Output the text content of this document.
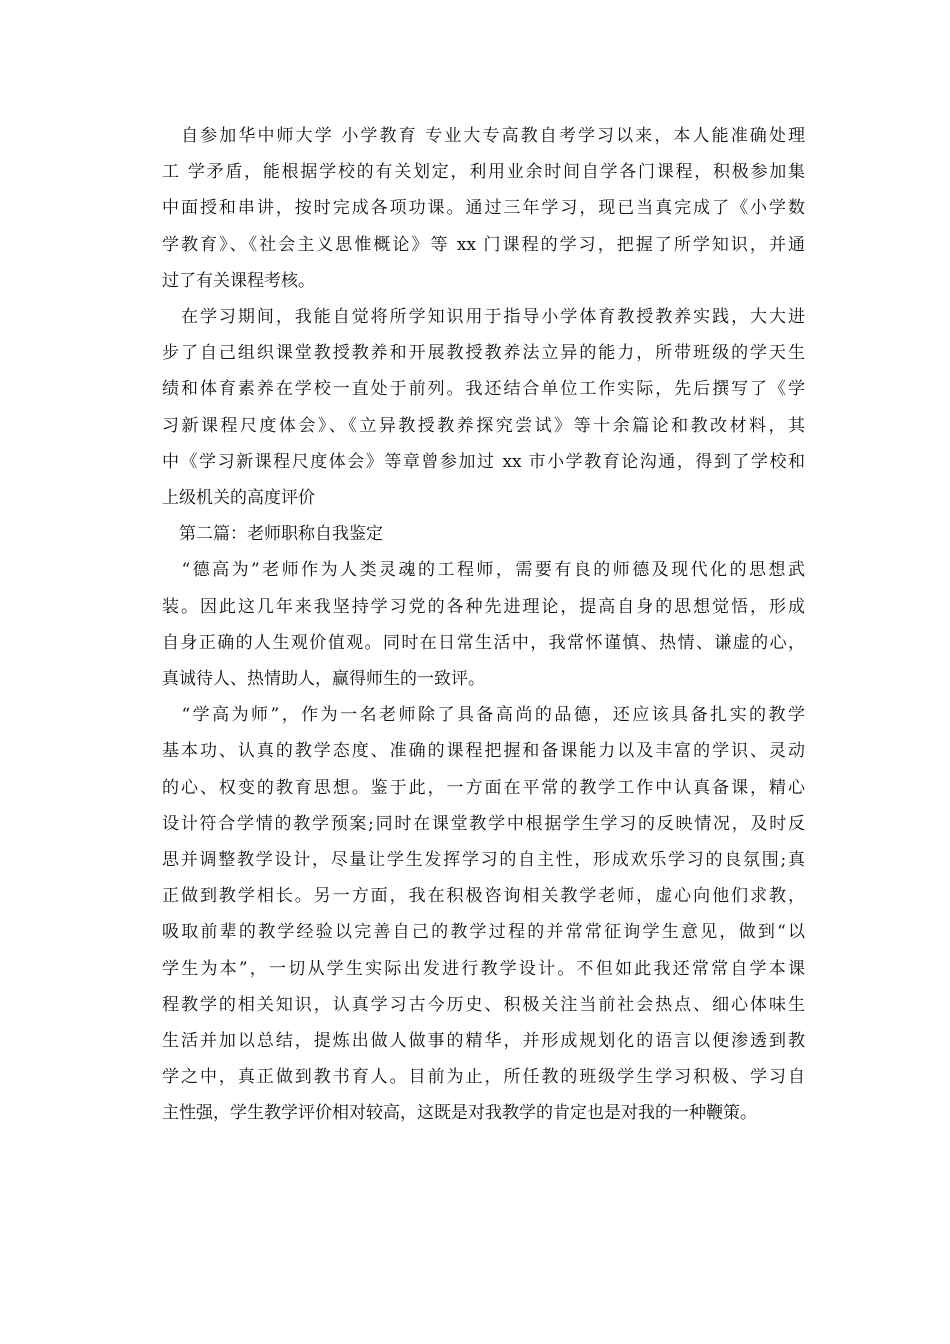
　自参加华中师大学 小学教育 专业大专高教自考学习以来，本人能准确处理
工 学矛盾，能根据学校的有关划定，利用业余时间自学各门课程，积极参加集
中面授和串讲，按时完成各项功课。通过三年学习，现已当真完成了《小学数
学教育》、《社会主义思惟概论》等 xx 门课程的学习，把握了所学知识，并通
过了有关课程考核。
　在学习期间，我能自觉将所学知识用于指导小学体育教授教养实践，大大进
步了自己组织课堂教授教养和开展教授教养法立异的能力，所带班级的学天生
绩和体育素养在学校一直处于前列。我还结合单位工作实际，先后撰写了《学
习新课程尺度体会》、《立异教授教养探究尝试》等十余篇论和教改材料，其
中《学习新课程尺度体会》等章曾参加过 xx 市小学教育论沟通，得到了学校和
上级机关的高度评价
　第二篇：老师职称自我鉴定
　“德高为”老师作为人类灵魂的工程师，需要有良的师德及现代化的思想武
装。因此这几年来我坚持学习党的各种先进理论，提高自身的思想觉悟，形成
自身正确的人生观价值观。同时在日常生活中，我常怀谨慎、热情、谦虚的心，
真诚待人、热情助人，赢得师生的一致评。
　“学高为师”，作为一名老师除了具备高尚的品德，还应该具备扎实的教学
基本功、认真的教学态度、准确的课程把握和备课能力以及丰富的学识、灵动
的心、权变的教育思想。鉴于此，一方面在平常的教学工作中认真备课，精心
设计符合学情的教学预案;同时在课堂教学中根据学生学习的反映情况，及时反
思并调整教学设计，尽量让学生发挥学习的自主性，形成欢乐学习的良氛围;真
正做到教学相长。另一方面，我在积极咨询相关教学老师，虚心向他们求教，
吸取前辈的教学经验以完善自己的教学过程的并常常征询学生意见，做到“以
学生为本”，一切从学生实际出发进行教学设计。不但如此我还常常自学本课
程教学的相关知识，认真学习古今历史、积极关注当前社会热点、细心体味生
生活并加以总结，提炼出做人做事的精华，并形成规划化的语言以便渗透到教
学之中，真正做到教书育人。目前为止，所任教的班级学生学习积极、学习自
主性强，学生教学评价相对较高，这既是对我教学的肯定也是对我的一种鞭策。
